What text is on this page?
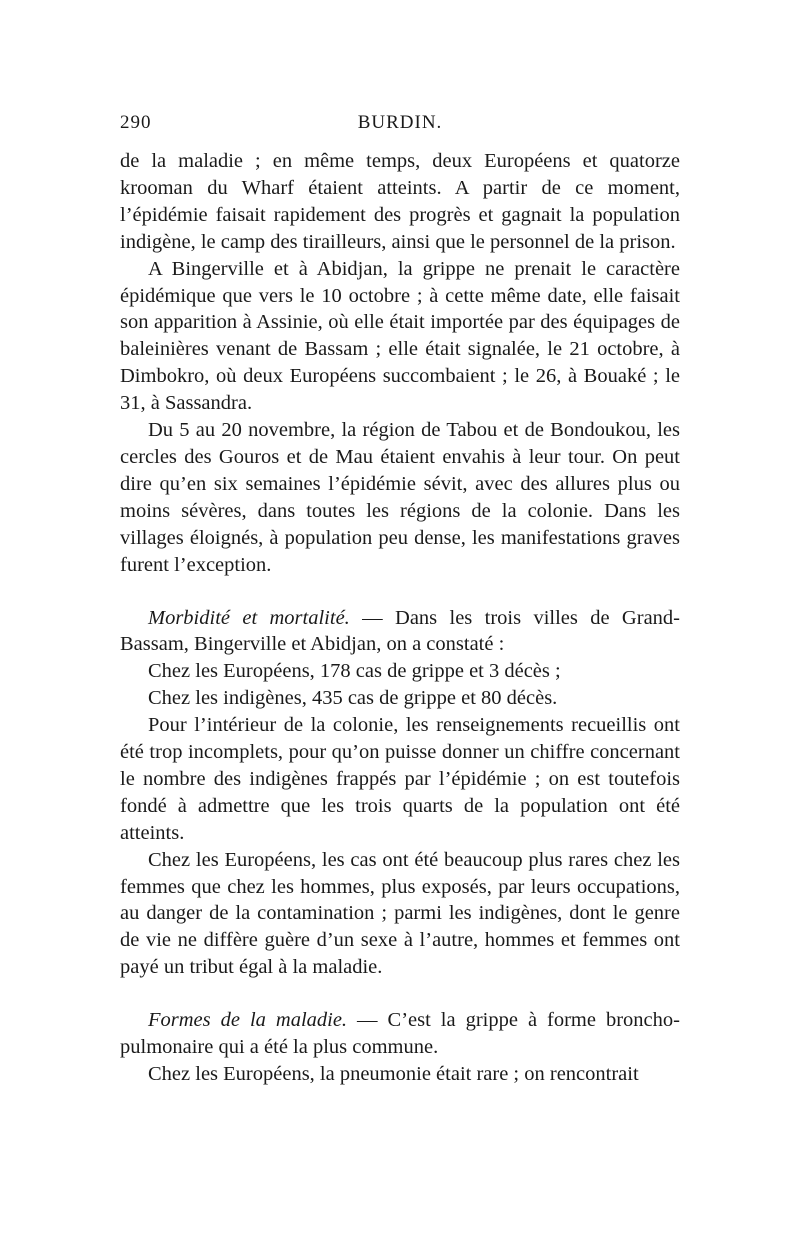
290	BURDIN.

de la maladie ; en même temps, deux Européens et quatorze krooman du Wharf étaient atteints. A partir de ce moment, l’épidémie faisait rapidement des progrès et gagnait la population indigène, le camp des tirailleurs, ainsi que le personnel de la prison.

A Bingerville et à Abidjan, la grippe ne prenait le caractère épidémique que vers le 10 octobre ; à cette même date, elle faisait son apparition à Assinie, où elle était importée par des équipages de baleinières venant de Bassam ; elle était signalée, le 21 octobre, à Dimbokro, où deux Européens succombaient ; le 26, à Bouaké ; le 31, à Sassandra.

Du 5 au 20 novembre, la région de Tabou et de Bondoukou, les cercles des Gouros et de Mau étaient envahis à leur tour. On peut dire qu’en six semaines l’épidémie sévit, avec des allures plus ou moins sévères, dans toutes les régions de la colonie. Dans les villages éloignés, à population peu dense, les manifestations graves furent l’exception.

Morbidité et mortalité. — Dans les trois villes de Grand-Bassam, Bingerville et Abidjan, on a constaté :

Chez les Européens, 178 cas de grippe et 3 décès ;

Chez les indigènes, 435 cas de grippe et 80 décès.

Pour l’intérieur de la colonie, les renseignements recueillis ont été trop incomplets, pour qu’on puisse donner un chiffre concernant le nombre des indigènes frappés par l’épidémie ; on est toutefois fondé à admettre que les trois quarts de la population ont été atteints.

Chez les Européens, les cas ont été beaucoup plus rares chez les femmes que chez les hommes, plus exposés, par leurs occupations, au danger de la contamination ; parmi les indigènes, dont le genre de vie ne diffère guère d’un sexe à l’autre, hommes et femmes ont payé un tribut égal à la maladie.

Formes de la maladie. — C’est la grippe à forme broncho-pulmonaire qui a été la plus commune.

Chez les Européens, la pneumonie était rare ; on rencontrait
